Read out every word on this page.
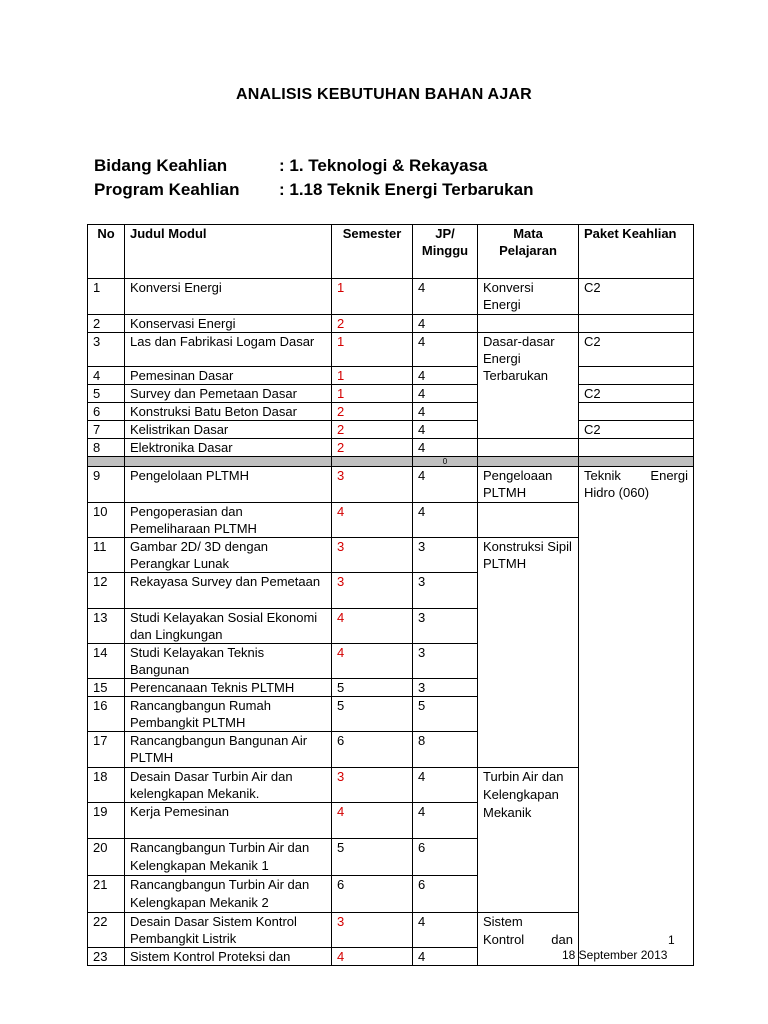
ANALISIS KEBUTUHAN BAHAN AJAR
Bidang Keahlian	: 1. Teknologi & Rekayasa
Program Keahlian : 1.18 Teknik Energi Terbarukan
No	Judul Modul	Semester	JP/ Minggu	Mata Pelajaran	Paket Keahlian
1	Konversi Energi	1	4	Konversi Energi	C2
2	Konservasi Energi	2	4		
3	Las dan Fabrikasi Logam Dasar	1	4	Dasar-dasar Energi Terbarukan	C2
4	Pemesinan Dasar	1	4		
5	Survey dan Pemetaan Dasar	1	4		C2
6	Konstruksi Batu Beton Dasar	2	4		
7	Kelistrikan Dasar	2	4		C2
8	Elektronika Dasar	2	4		
			0		
9	Pengelolaan PLTMH	3	4	Pengeloaan PLTMH	Teknik Energi
Hidro (060)

10	Pengoperasian dan Pemeliharaan PLTMH	4	4		
11	Gambar 2D/ 3D dengan Perangkar Lunak	3	3	Konstruksi Sipil PLTMH	
12	Rekayasa Survey dan Pemetaan	3	3		
13	Studi Kelayakan Sosial Ekonomi dan Lingkungan	4	3		
14	Studi Kelayakan Teknis Bangunan	4	3		
15	Perencanaan Teknis PLTMH	5	3		
16	Rancangbangun Rumah Pembangkit PLTMH	5	5		
17	Rancangbangun Bangunan Air PLTMH	6	8		
18	Desain Dasar Turbin Air dan kelengkapan Mekanik.	3	4	Turbin Air dan Kelengkapan Mekanik	
19	Kerja Pemesinan	4	4		
20	Rancangbangun Turbin Air dan Kelengkapan Mekanik 1	5	6		
21	Rancangbangun Turbin Air dan Kelengkapan Mekanik 2	6	6		
22	Desain Dasar Sistem Kontrol Pembangkit Listrik	3	4	Sistem
Kontrol dan	

23	Sistem Kontrol Proteksi dan	4	4		
1
18 September 2013
